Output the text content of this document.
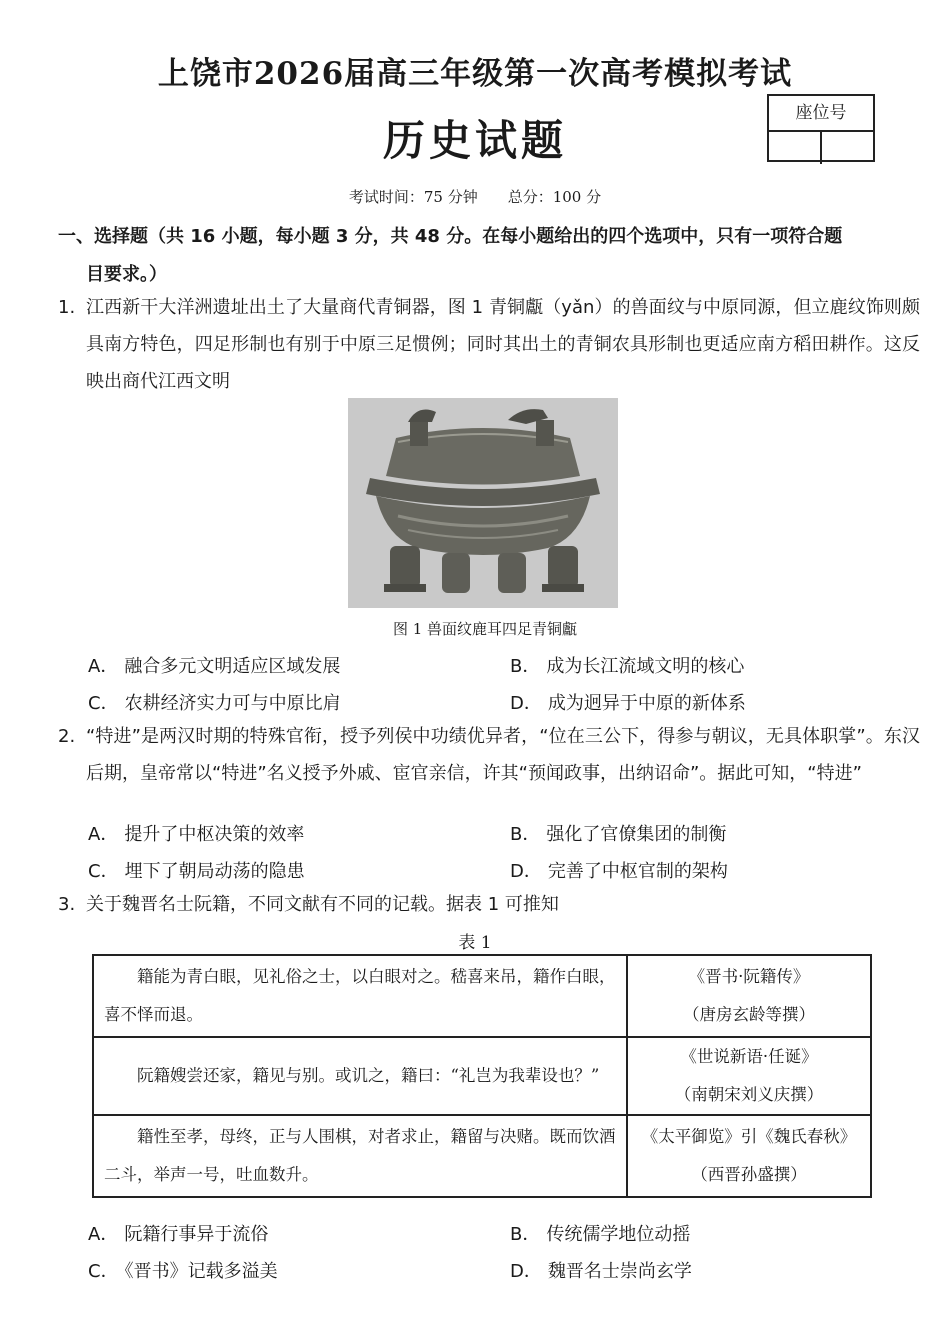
上饶市2026届高三年级第一次高考模拟考试
历史试题
座位号
考试时间：75 分钟 总分：100 分
一、选择题（共 16 小题，每小题 3 分，共 48 分。在每小题给出的四个选项中，只有一项符合题
目要求。）
1. 江西新干大洋洲遗址出土了大量商代青铜器，图 1 青铜甗（yǎn）的兽面纹与中原同源，但立鹿纹饰则颇具南方特色，四足形制也有别于中原三足惯例；同时其出土的青铜农具形制也更适应南方稻田耕作。这反映出商代江西文明
图 1 兽面纹鹿耳四足青铜甗
A． 融合多元文明适应区域发展	B． 成为长江流域文明的核心
C． 农耕经济实力可与中原比肩	D． 成为迥异于中原的新体系
2. “特进”是两汉时期的特殊官衔，授予列侯中功绩优异者，“位在三公下，得参与朝议，无具体职掌”。东汉后期，皇帝常以“特进”名义授予外戚、宦官亲信，许其“预闻政事，出纳诏命”。据此可知，“特进”
A． 提升了中枢决策的效率	B． 强化了官僚集团的制衡
C． 埋下了朝局动荡的隐患	D． 完善了中枢官制的架构
3. 关于魏晋名士阮籍，不同文献有不同的记载。据表 1 可推知
表 1
籍能为青白眼，见礼俗之士，以白眼对之。嵇喜来吊，籍作白眼，喜不怿而退。	《晋书·阮籍传》
（唐房玄龄等撰）

阮籍嫂尝还家，籍见与别。或讥之，籍曰：“礼岂为我辈设也？”	《世说新语·任诞》
（南朝宋刘义庆撰）

籍性至孝，母终，正与人围棋，对者求止，籍留与决赌。既而饮酒二斗，举声一号，吐血数升。	《太平御览》引《魏氏春秋》
（西晋孙盛撰）
A． 阮籍行事异于流俗	B． 传统儒学地位动摇
C． 《晋书》记载多溢美	D． 魏晋名士崇尚玄学
